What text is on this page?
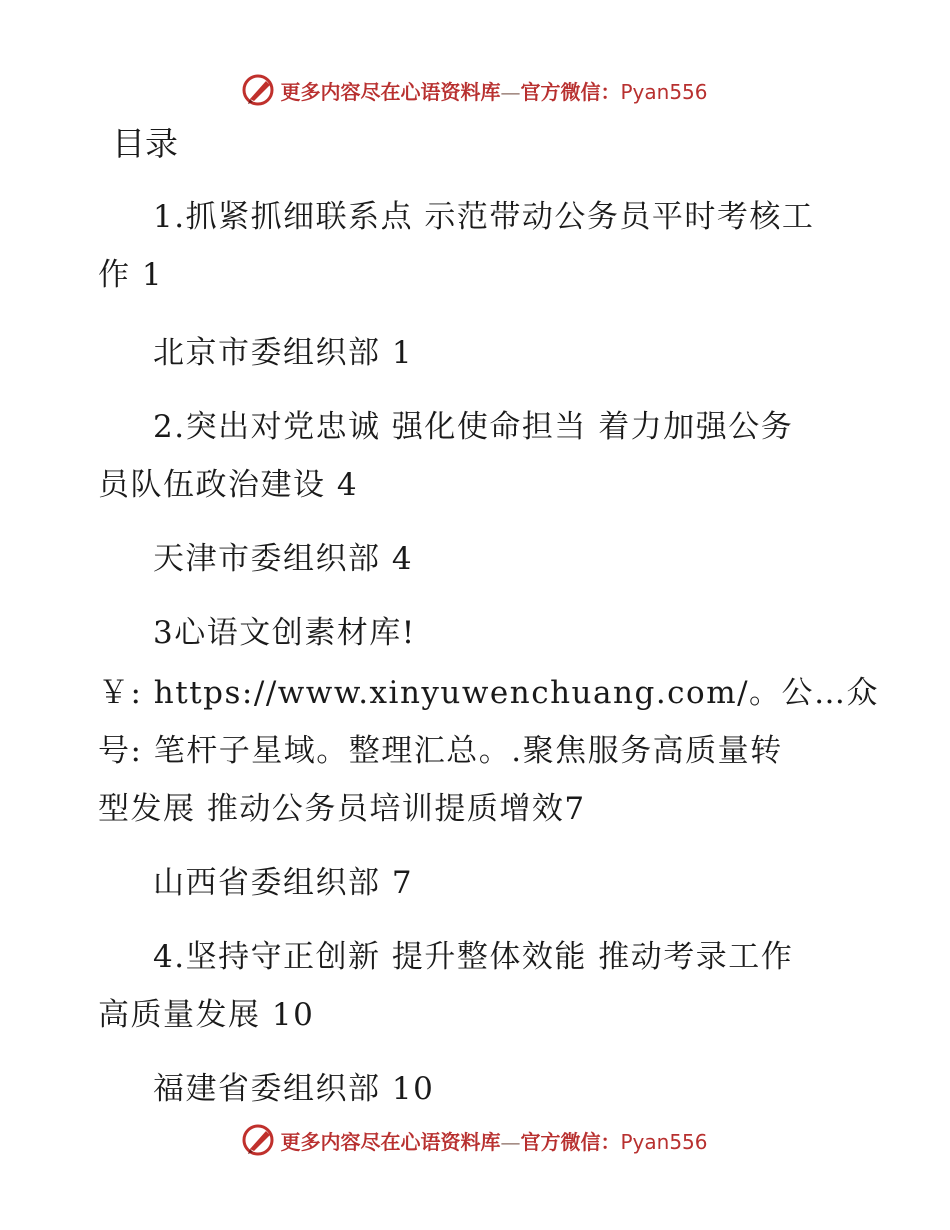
更多内容尽在心语资料库—官方微信：Pyan556
目录
1.抓紧抓细联系点 示范带动公务员平时考核工
作 1
北京市委组织部 1
2.突出对党忠诚 强化使命担当 着力加强公务
员队伍政治建设 4
天津市委组织部 4
3心语文创素材库!
￥: https://www.xinyuwenchuang.com/。公…众
号: 笔杆子星域。整理汇总。.聚焦服务高质量转
型发展 推动公务员培训提质增效7
山西省委组织部 7
4.坚持守正创新 提升整体效能 推动考录工作
高质量发展 10
福建省委组织部 10
更多内容尽在心语资料库—官方微信：Pyan556
